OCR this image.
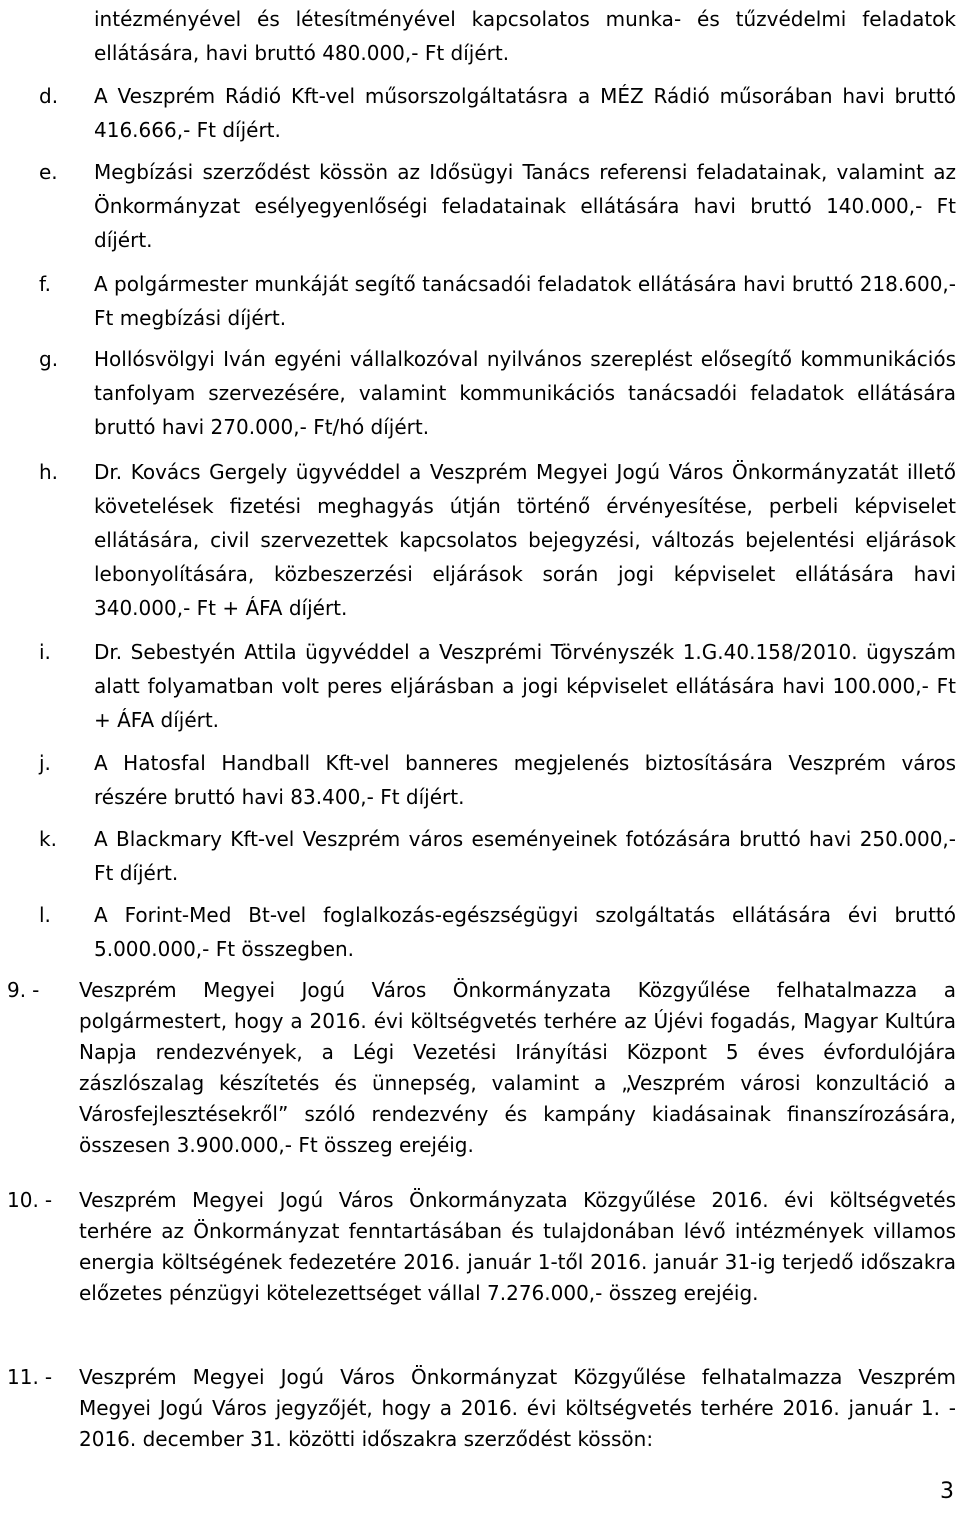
intézményével és létesítményével kapcsolatos munka- és tűzvédelmi feladatok ellátására, havi bruttó 480.000,- Ft díjért.
d. A Veszprém Rádió Kft-vel műsorszolgáltatásra a MÉZ Rádió műsorában havi bruttó 416.666,- Ft díjért.
e. Megbízási szerződést kössön az Idősügyi Tanács referensi feladatainak, valamint az Önkormányzat esélyegyenlőségi feladatainak ellátására havi bruttó 140.000,- Ft díjért.
f. A polgármester munkáját segítő tanácsadói feladatok ellátására havi bruttó 218.600,- Ft megbízási díjért.
g. Hollósvölgyi Iván egyéni vállalkozóval nyilvános szereplést elősegítő kommunikációs tanfolyam szervezésére, valamint kommunikációs tanácsadói feladatok ellátására bruttó havi 270.000,- Ft/hó díjért.
h. Dr. Kovács Gergely ügyvéddel a Veszprém Megyei Jogú Város Önkormányzatát illető követelések fizetési meghagyás útján történő érvényesítése, perbeli képviselet ellátására, civil szervezettek kapcsolatos bejegyzési, változás bejelentési eljárások lebonyolítására, közbeszerzési eljárások során jogi képviselet ellátására havi 340.000,- Ft + ÁFA díjért.
i. Dr. Sebestyén Attila ügyvéddel a Veszprémi Törvényszék 1.G.40.158/2010. ügyszám alatt folyamatban volt peres eljárásban a jogi képviselet ellátására havi 100.000,- Ft + ÁFA díjért.
j. A Hatosfal Handball Kft-vel banneres megjelenés biztosítására Veszprém város részére bruttó havi 83.400,- Ft díjért.
k. A Blackmary Kft-vel Veszprém város eseményeinek fotózására bruttó havi 250.000,- Ft díjért.
l. A Forint-Med Bt-vel foglalkozás-egészségügyi szolgáltatás ellátására évi bruttó 5.000.000,- Ft összegben.
9. ‐ Veszprém Megyei Jogú Város Önkormányzata Közgyűlése felhatalmazza a polgármestert, hogy a 2016. évi költségvetés terhére az Újévi fogadás, Magyar Kultúra Napja rendezvények, a Légi Vezetési Irányítási Központ 5 éves évfordulójára zászlószalag készítetés és ünnepség, valamint a „Veszprém városi konzultáció a Városfejlesztésekről” szóló rendezvény és kampány kiadásainak finanszírozására, összesen 3.900.000,- Ft összeg erejéig.
10. ‐ Veszprém Megyei Jogú Város Önkormányzata Közgyűlése 2016. évi költségvetés terhére az Önkormányzat fenntartásában és tulajdonában lévő intézmények villamos energia költségének fedezetére 2016. január 1-től 2016. január 31-ig terjedő időszakra előzetes pénzügyi kötelezettséget vállal 7.276.000,- összeg erejéig.
11. ‐ Veszprém Megyei Jogú Város Önkormányzat Közgyűlése felhatalmazza Veszprém Megyei Jogú Város jegyzőjét, hogy a 2016. évi költségvetés terhére 2016. január 1. - 2016. december 31. közötti időszakra szerződést kössön:
3
